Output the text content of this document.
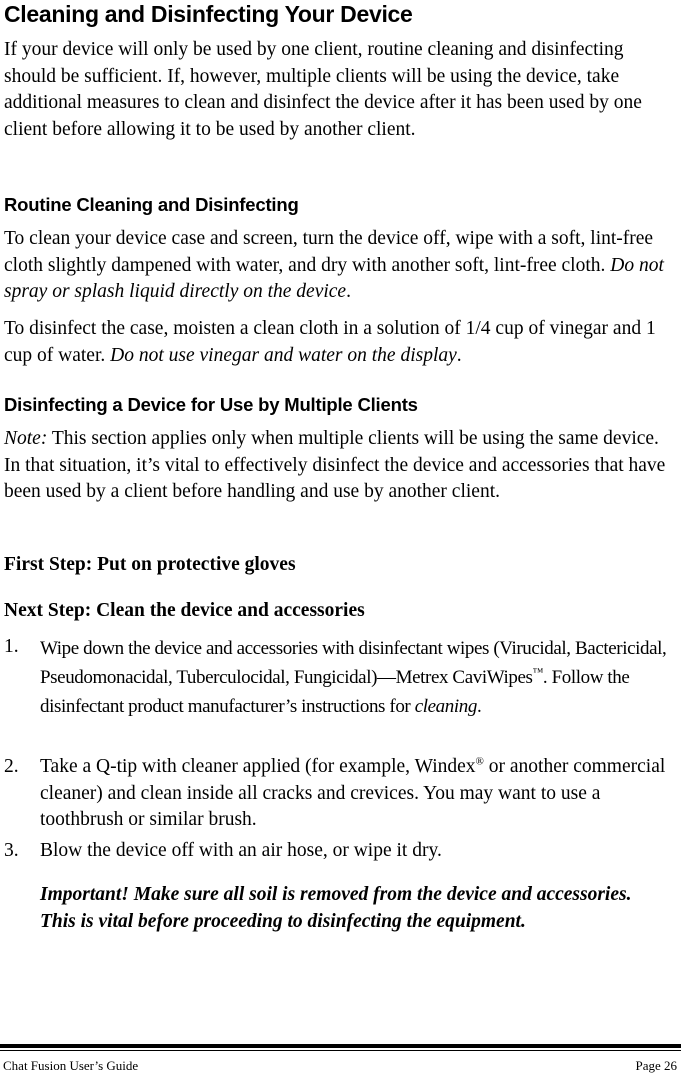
Cleaning and Disinfecting Your Device

If your device will only be used by one client, routine cleaning and disinfecting should be sufficient. If, however, multiple clients will be using the device, take additional measures to clean and disinfect the device after it has been used by one client before allowing it to be used by another client.

Routine Cleaning and Disinfecting

To clean your device case and screen, turn the device off, wipe with a soft, lint-free cloth slightly dampened with water, and dry with another soft, lint-free cloth. Do not spray or splash liquid directly on the device.

To disinfect the case, moisten a clean cloth in a solution of 1/4 cup of vinegar and 1 cup of water. Do not use vinegar and water on the display.

Disinfecting a Device for Use by Multiple Clients

Note: This section applies only when multiple clients will be using the same device. In that situation, it’s vital to effectively disinfect the device and accessories that have been used by a client before handling and use by another client.

First Step: Put on protective gloves

Next Step: Clean the device and accessories

1. Wipe down the device and accessories with disinfectant wipes (Virucidal, Bactericidal, Pseudomonacidal, Tuberculocidal, Fungicidal)—Metrex CaviWipes™. Follow the disinfectant product manufacturer’s instructions for cleaning.
2. Take a Q-tip with cleaner applied (for example, Windex® or another commercial cleaner) and clean inside all cracks and crevices. You may want to use a toothbrush or similar brush.
3. Blow the device off with an air hose, or wipe it dry.

Important! Make sure all soil is removed from the device and accessories. This is vital before proceeding to disinfecting the equipment.

Chat Fusion User’s Guide	Page 26
